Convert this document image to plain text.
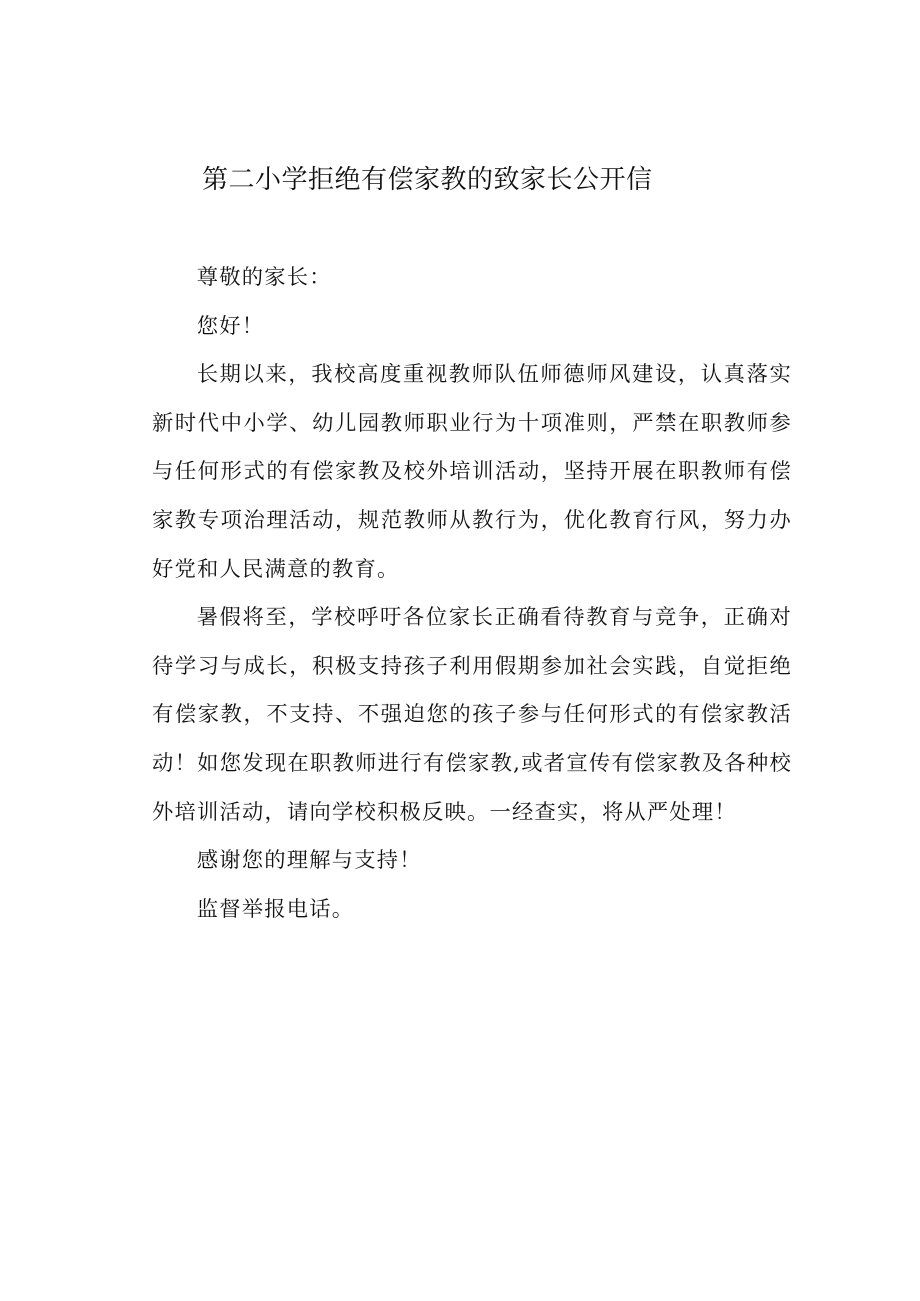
第二小学拒绝有偿家教的致家长公开信

尊敬的家长：

您好！

长期以来，我校高度重视教师队伍师德师风建设，认真落实新时代中小学、幼儿园教师职业行为十项准则，严禁在职教师参与任何形式的有偿家教及校外培训活动，坚持开展在职教师有偿家教专项治理活动，规范教师从教行为，优化教育行风，努力办好党和人民满意的教育。

暑假将至，学校呼吁各位家长正确看待教育与竞争，正确对待学习与成长，积极支持孩子利用假期参加社会实践，自觉拒绝有偿家教，不支持、不强迫您的孩子参与任何形式的有偿家教活动！如您发现在职教师进行有偿家教,或者宣传有偿家教及各种校外培训活动，请向学校积极反映。一经查实，将从严处理！

感谢您的理解与支持！

监督举报电话。
